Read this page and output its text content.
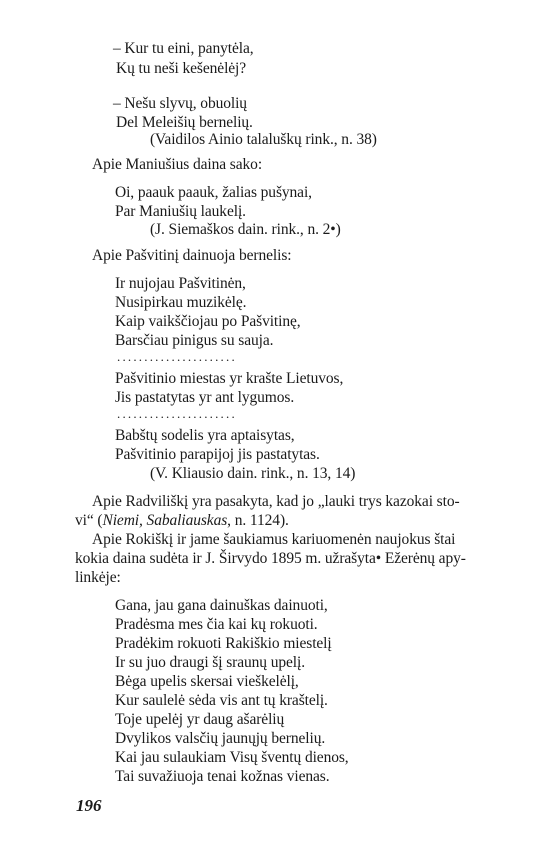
– Kur tu eini, panytėla,
Kų tu neši kešenėlėj?
– Nešu slyvų, obuolių
Del Meleišių bernelių.
(Vaidilos Ainio talaluškų rink., n. 38)
Apie Maniušius daina sako:
Oi, paauk paauk, žalias pušynai,
Par Maniušių laukelį.
(J. Siemaškos dain. rink., n. 2•)
Apie Pašvitinį dainuoja bernelis:
Ir nujojau Pašvitinėn,
Nusipirkau muzikėlę.
Kaip vaikščiojau po Pašvitinę,
Barsčiau pinigus su sauja.
......................
Pašvitinio miestas yr krašte Lietuvos,
Jis pastatytas yr ant lygumos.
......................
Babštų sodelis yra aptaisytas,
Pašvitinio parapijoj jis pastatytas.
(V. Kliausio dain. rink., n. 13, 14)
Apie Radviliškį yra pasakyta, kad jo „lauki trys kazokai sto-
vi“ (Niemi, Sabaliauskas, n. 1124).
Apie Rokiškį ir jame šaukiamus kariuomenėn naujokus štai
kokia daina sudėta ir J. Širvydo 1895 m. užrašyta• Ežerėnų apy-
linkėje:
Gana, jau gana dainuškas dainuoti,
Pradėsma mes čia kai kų rokuoti.
Pradėkim rokuoti Rakiškio miestelį
Ir su juo draugi šį sraunų upelį.
Bėga upelis skersai vieškelėlį,
Kur saulelė sėda vis ant tų kraštelį.
Toje upelėj yr daug ašarėlių
Dvylikos valsčių jaunųjų bernelių.
Kai jau sulaukiam Visų šventų dienos,
Tai suvažiuoja tenai kožnas vienas.
196
